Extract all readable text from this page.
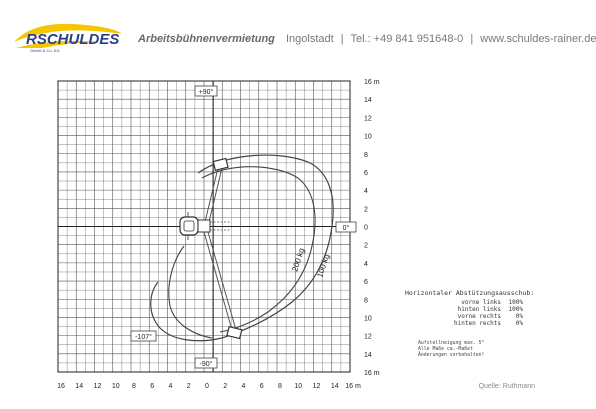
RSCHULDES
GmbH & Co. KG
Arbeitsbühnenvermietung Ingolstadt | Tel.: +49 841 951648-0 | www.schuldes-rainer.de
16 m
14
12
10
8
6
4
2
0
2
4
6
8
10
12
14
16 m
16 14 12 10 8 6 4 2 0 2 4 6 8 10 12 14 16 m
+90°
0°
-90°
-107°
200 kg 100 kg
Horizontaler Abstützungsausschub:
vorne links	100%
hinten links	100%
vorne rechts	0%
hinten rechts	0%
Aufstellneigung max. 5°
Alle Maße ca.-Maßet
Änderungen vorbehalten!
Quelle: Ruthmann
